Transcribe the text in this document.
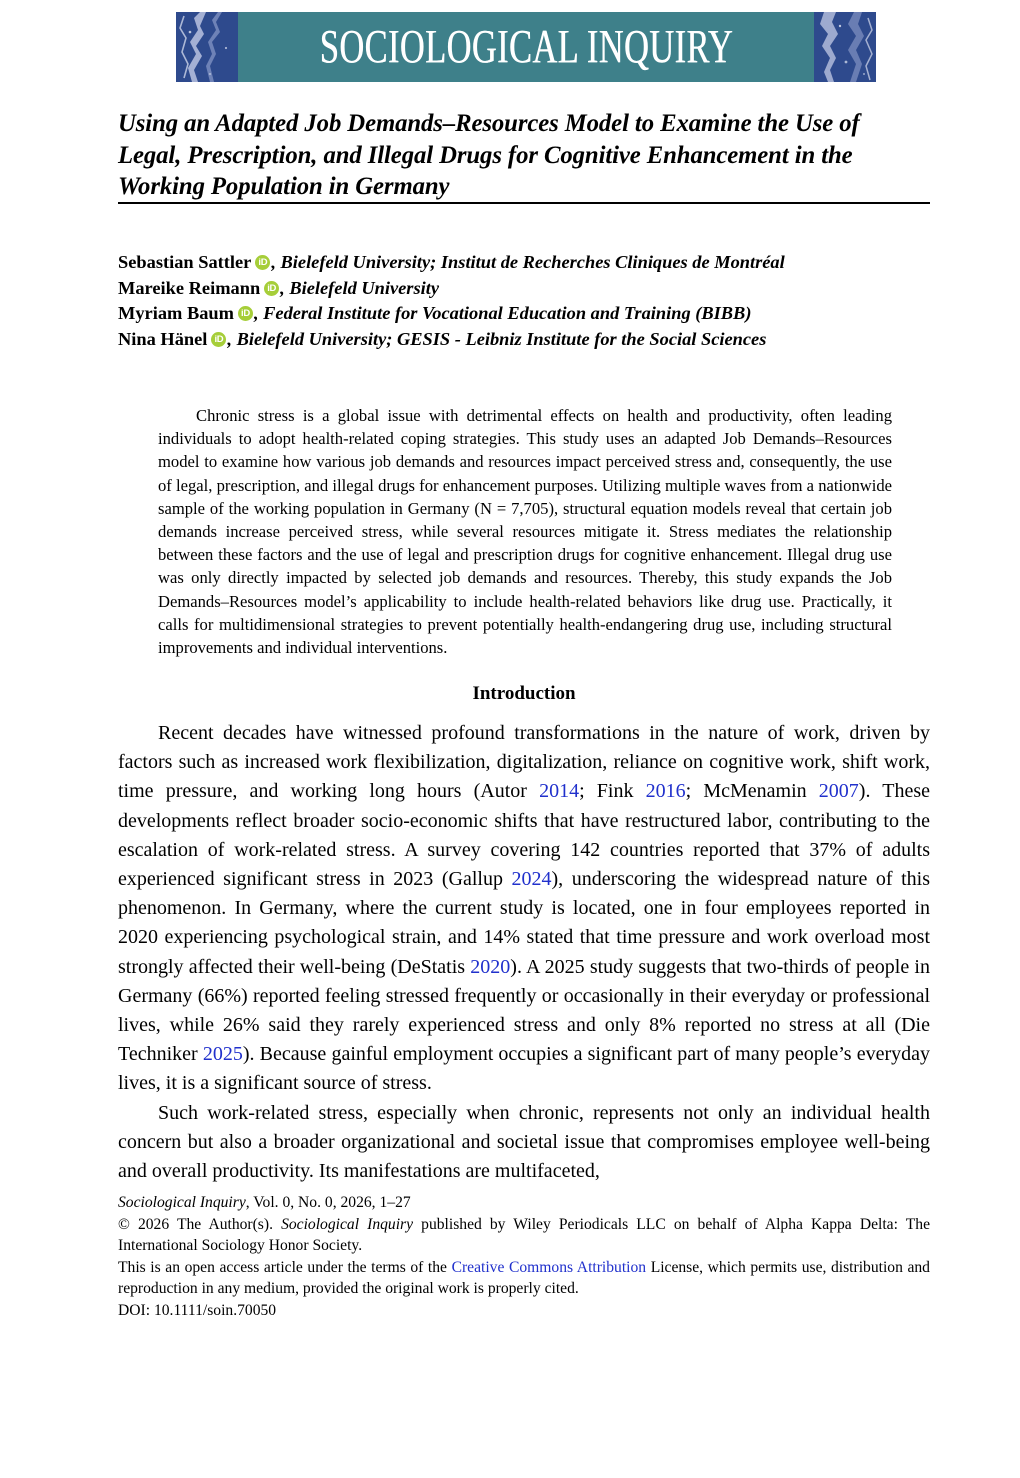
SOCIOLOGICAL INQUIRY
Using an Adapted Job Demands–Resources Model to Examine the Use of Legal, Prescription, and Illegal Drugs for Cognitive Enhancement in the Working Population in Germany
Sebastian Sattler iD , Bielefeld University; Institut de Recherches Cliniques de Montréal
Mareike Reimann iD , Bielefeld University
Myriam Baum iD , Federal Institute for Vocational Education and Training (BIBB)
Nina Hänel iD , Bielefeld University; GESIS - Leibniz Institute for the Social Sciences
Chronic stress is a global issue with detrimental effects on health and productivity, often leading individuals to adopt health-related coping strategies. This study uses an adapted Job Demands–Resources model to examine how various job demands and resources impact perceived stress and, consequently, the use of legal, prescription, and illegal drugs for enhancement purposes. Utilizing multiple waves from a nationwide sample of the working population in Germany (N = 7,705), structural equation models reveal that certain job demands increase perceived stress, while several resources mitigate it. Stress mediates the relationship between these factors and the use of legal and prescription drugs for cognitive enhancement. Illegal drug use was only directly impacted by selected job demands and resources. Thereby, this study expands the Job Demands–Resources model’s applicability to include health-related behaviors like drug use. Practically, it calls for multidimensional strategies to prevent potentially health-endangering drug use, including structural improvements and individual interventions.
Introduction

Recent decades have witnessed profound transformations in the nature of work, driven by factors such as increased work flexibilization, digitalization, reliance on cognitive work, shift work, time pressure, and working long hours (Autor 2014; Fink 2016; McMenamin 2007). These developments reflect broader socio-economic shifts that have restructured labor, contributing to the escalation of work-related stress. A survey covering 142 countries reported that 37% of adults experienced significant stress in 2023 (Gallup 2024), underscoring the widespread nature of this phenomenon. In Germany, where the current study is located, one in four employees reported in 2020 experiencing psychological strain, and 14% stated that time pressure and work overload most strongly affected their well-being (DeStatis 2020). A 2025 study suggests that two-thirds of people in Germany (66%) reported feeling stressed frequently or occasionally in their everyday or professional lives, while 26% said they rarely experienced stress and only 8% reported no stress at all (Die Techniker 2025). Because gainful employment occupies a significant part of many people’s everyday lives, it is a significant source of stress.

Such work-related stress, especially when chronic, represents not only an individual health concern but also a broader organizational and societal issue that compromises employee well-being and overall productivity. Its manifestations are multifaceted,

Sociological Inquiry, Vol. 0, No. 0, 2026, 1–27

© 2026 The Author(s). Sociological Inquiry published by Wiley Periodicals LLC on behalf of Alpha Kappa Delta: The International Sociology Honor Society.

This is an open access article under the terms of the Creative Commons Attribution License, which permits use, distribution and reproduction in any medium, provided the original work is properly cited.

DOI: 10.1111/soin.70050
